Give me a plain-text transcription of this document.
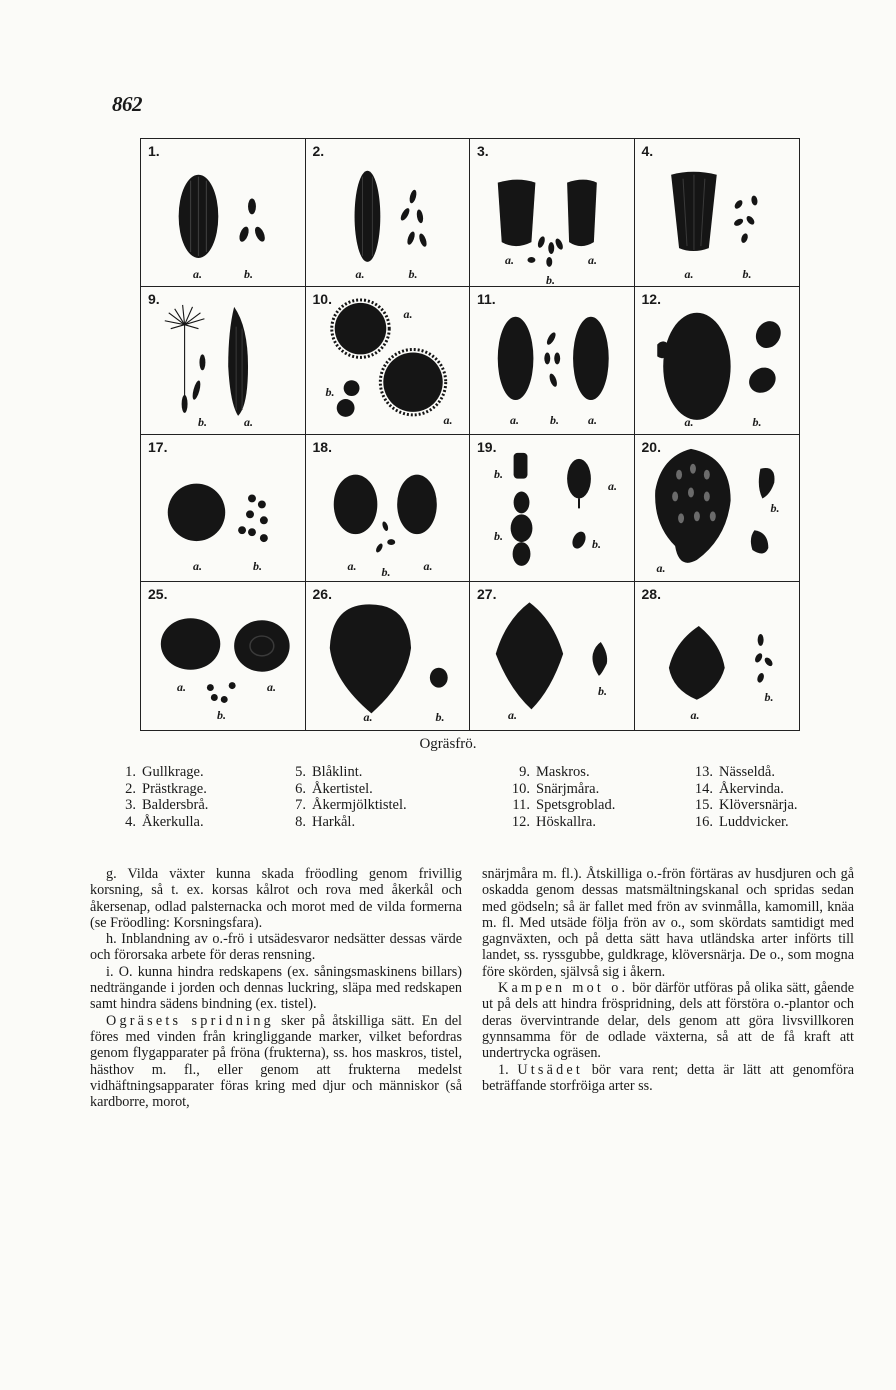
862
1.
a.	b.
2.
a.	b.
3.
a.
b.
a.
4.
a.	b.
9.
b.	a.
10.
a.
b.
a.
11.
a.	b. a.
12.
a.	b.
17.
a.	b.
18.
a. b.	a.
19.
b.
a.
b.
b.
20.
b.
a.
25.
a.	a.
b.
26.
a.	b.
27.
b.
a.
28.
b.
a.
Ogräsfrö.
1. Gullkrage.
2. Prästkrage.
3. Baldersbrå.
4. Åkerkulla.
5. Blåklint.
6. Åkertistel.
7. Åkermjölktistel.
8. Harkål.
9. Maskros.
10. Snärjmåra.
11. Spetsgroblad.
12. Höskallra.
13. Nässeldå.
14. Åkervinda.
15. Klöversnärja.
16. Luddvicker.

g. Vilda växter kunna skada fröodling genom frivillig korsning, så t. ex. korsas kålrot och rova med åkerkål och åkersenap, odlad palsternacka och morot med de vilda formerna (se Fröodling: Korsningsfara).

h. Inblandning av o.-frö i utsädesvaror nedsätter dessas värde och förorsaka arbete för deras rensning.

i. O. kunna hindra redskapens (ex. såningsmaskinens billars) nedträngande i jorden och dennas luckring, släpa med redskapen samt hindra sädens bindning (ex. tistel).

Ogräsets spridning sker på åtskilliga sätt. En del föres med vinden från kringliggande marker, vilket befordras genom flygapparater på fröna (frukterna), ss. hos maskros, tistel, hästhov m. fl., eller genom att frukterna medelst vidhäftningsapparater föras kring med djur och människor (så kardborre, morot,

snärjmåra m. fl.). Åtskilliga o.-frön förtäras av husdjuren och gå oskadda genom dessas matsmältningskanal och spridas sedan med gödseln; så är fallet med frön av svinmålla, kamomill, knäa m. fl. Med utsäde följa frön av o., som skördats samtidigt med gagnväxten, och på detta sätt hava utländska arter införts till landet, ss. ryssgubbe, guldkrage, klöversnärja. De o., som mogna före skörden, självså sig i åkern.

Kampen mot o. bör därför utföras på olika sätt, gående ut på dels att hindra fröspridning, dels att förstöra o.-plantor och deras övervintrande delar, dels genom att göra livsvillkoren gynnsamma för de odlade växterna, så att de få kraft att undertrycka ogräsen.

1. Utsädet bör vara rent; detta är lätt att genomföra beträffande storfröiga arter ss.
